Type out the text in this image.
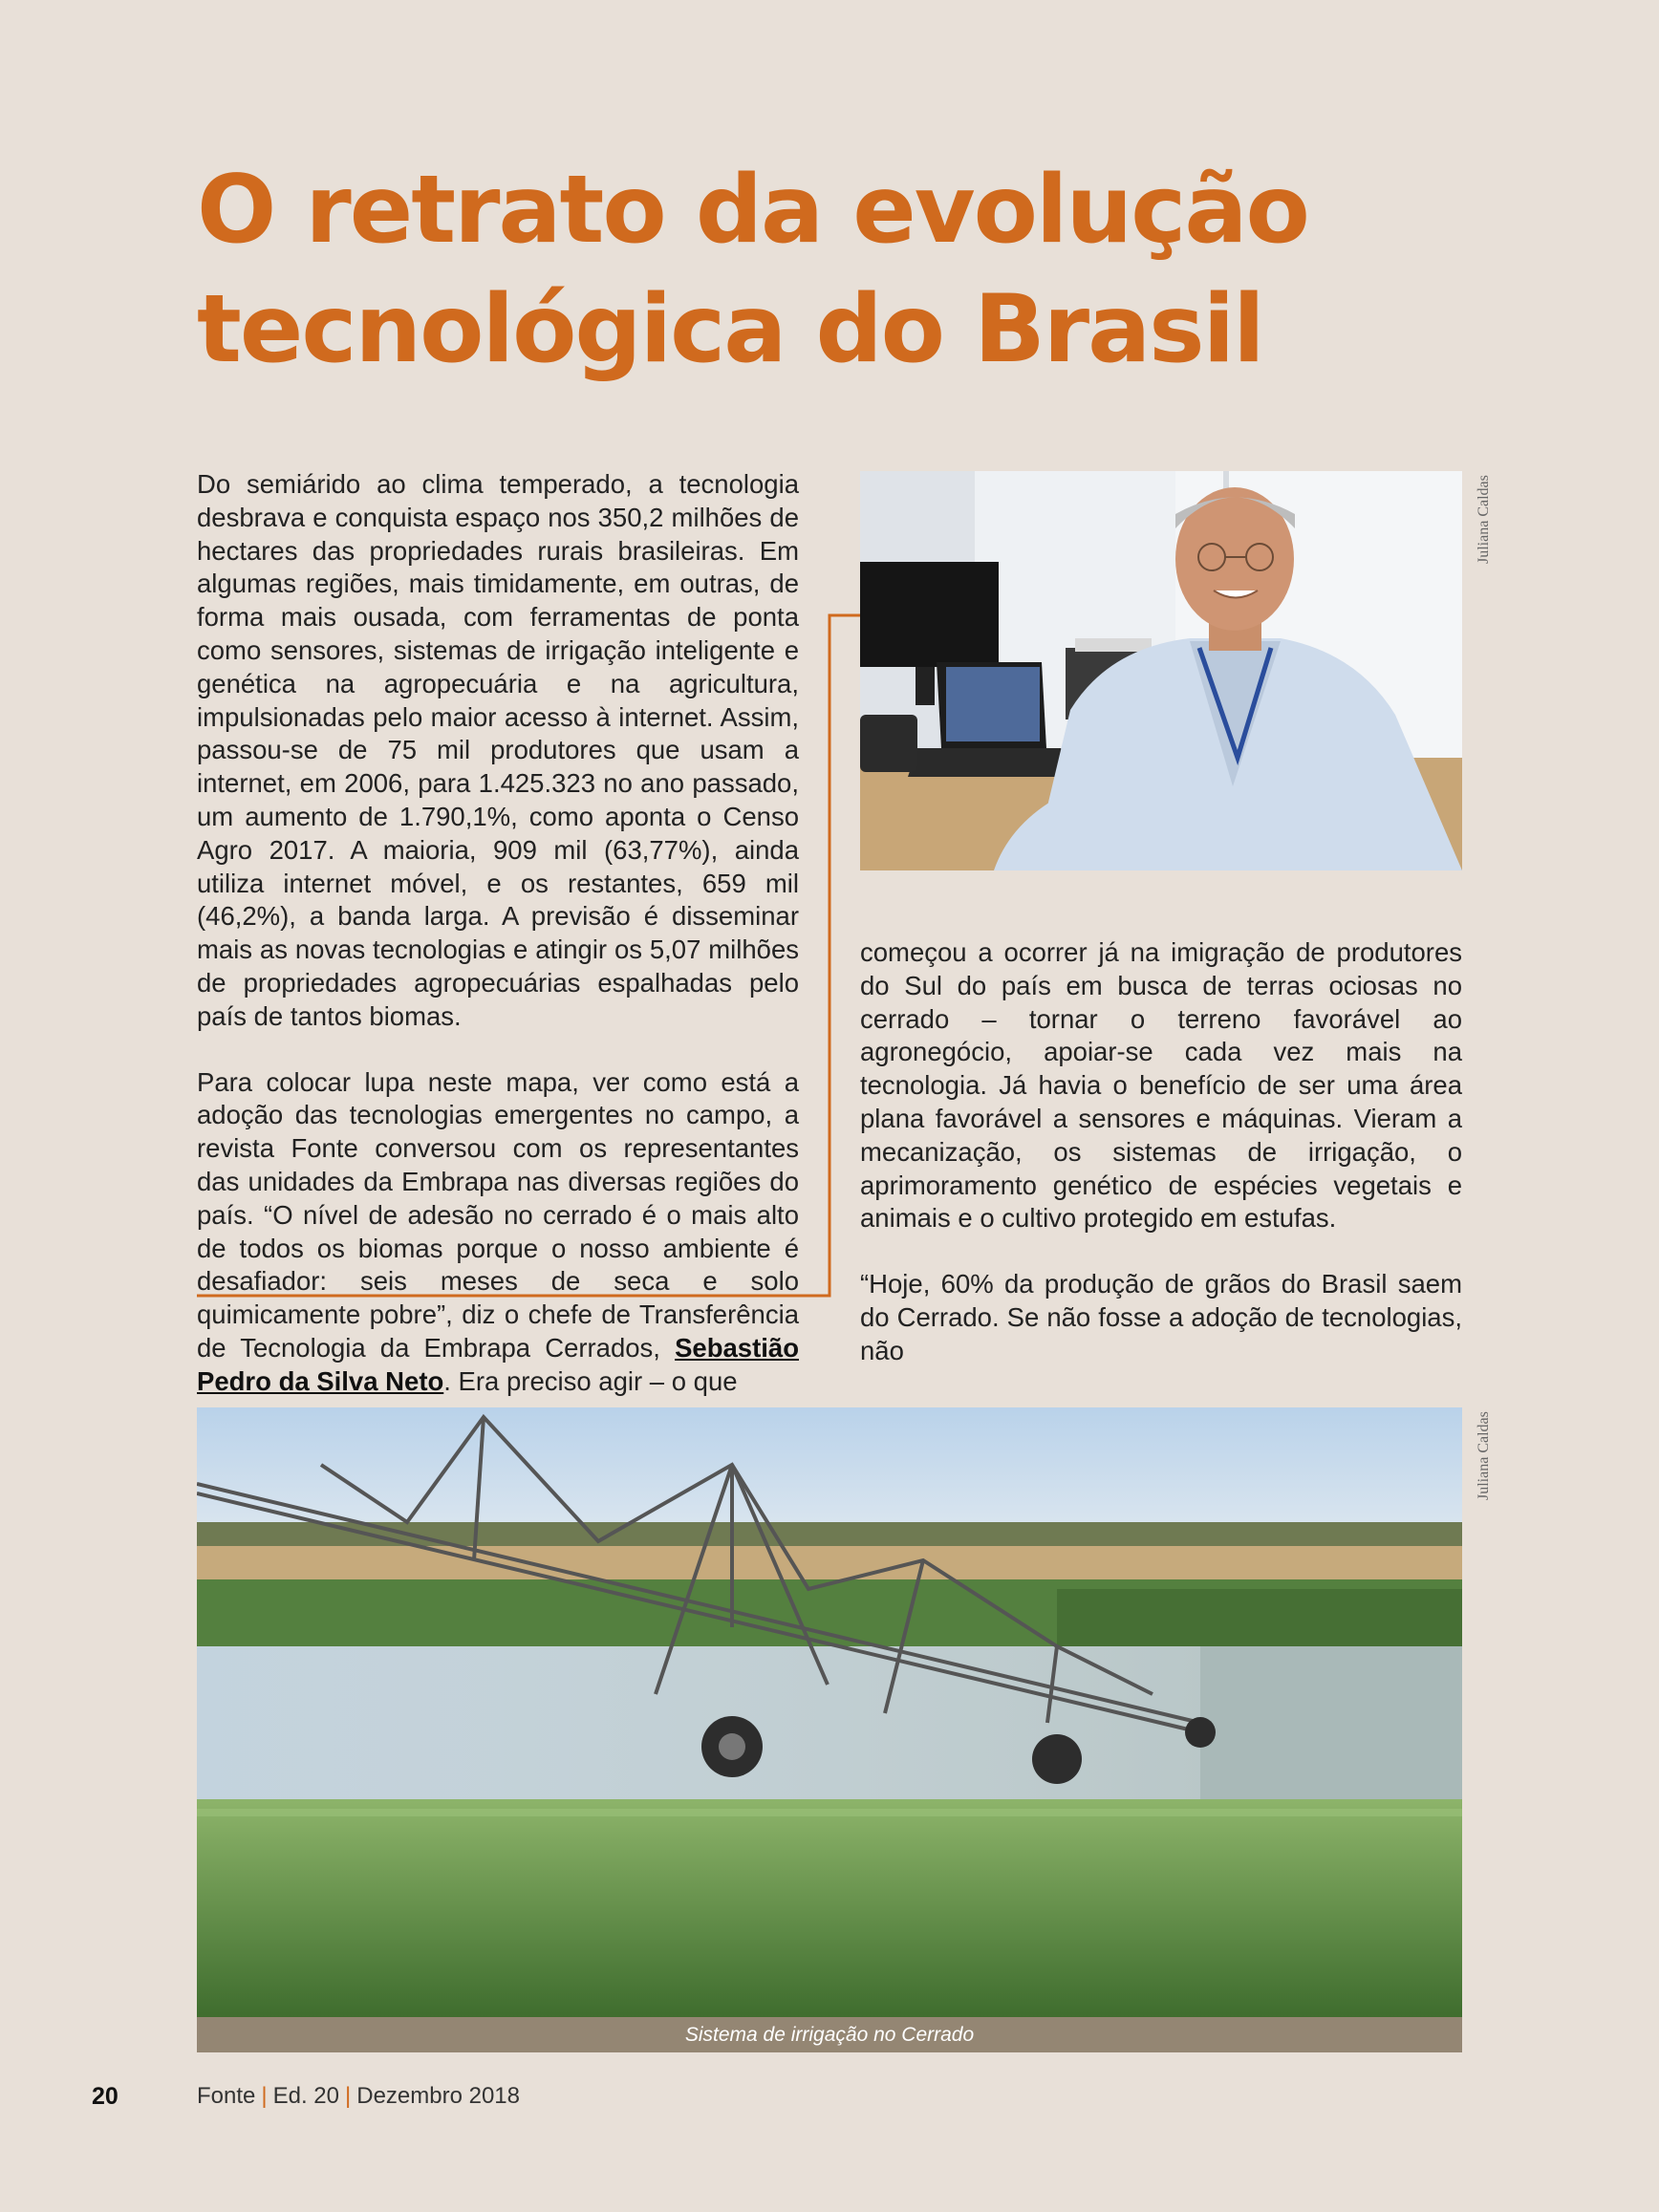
O retrato da evolução
tecnológica do Brasil

Do semiárido ao clima temperado, a tecnologia desbrava e conquista espaço nos 350,2 milhões de hectares das propriedades rurais brasileiras. Em algumas regiões, mais timidamente, em outras, de forma mais ousada, com ferramentas de ponta como sensores, sistemas de irrigação inteligente e genética na agropecuária e na agricultura, impulsionadas pelo maior acesso à internet. Assim, passou-se de 75 mil produtores que usam a internet, em 2006, para 1.425.323 no ano passado, um aumento de 1.790,1%, como aponta o Censo Agro 2017. A maioria, 909 mil (63,77%), ainda utiliza internet móvel, e os restantes, 659 mil (46,2%), a banda larga. A previsão é disseminar mais as novas tecnologias e atingir os 5,07 milhões de propriedades agropecuárias espalhadas pelo país de tantos biomas.

Para colocar lupa neste mapa, ver como está a adoção das tecnologias emergentes no campo, a revista Fonte conversou com os representantes das unidades da Embrapa nas diversas regiões do país. “O nível de adesão no cerrado é o mais alto de todos os biomas porque o nosso ambiente é desafiador: seis meses de seca e solo quimicamente pobre”, diz o chefe de Transferência de Tecnologia da Embrapa Cerrados, Sebastião Pedro da Silva Neto. Era preciso agir – o que

Juliana Caldas

começou a ocorrer já na imigração de produtores do Sul do país em busca de terras ociosas no cerrado – tornar o terreno favorável ao agronegócio, apoiar-se cada vez mais na tecnologia. Já havia o benefício de ser uma área plana favorável a sensores e máquinas. Vieram a mecanização, os sistemas de irrigação, o aprimoramento genético de espécies vegetais e animais e o cultivo protegido em estufas.

“Hoje, 60% da produção de grãos do Brasil saem do Cerrado. Se não fosse a adoção de tecnologias, não

Juliana Caldas
Sistema de irrigação no Cerrado
20	Fonte | Ed. 20 | Dezembro 2018
